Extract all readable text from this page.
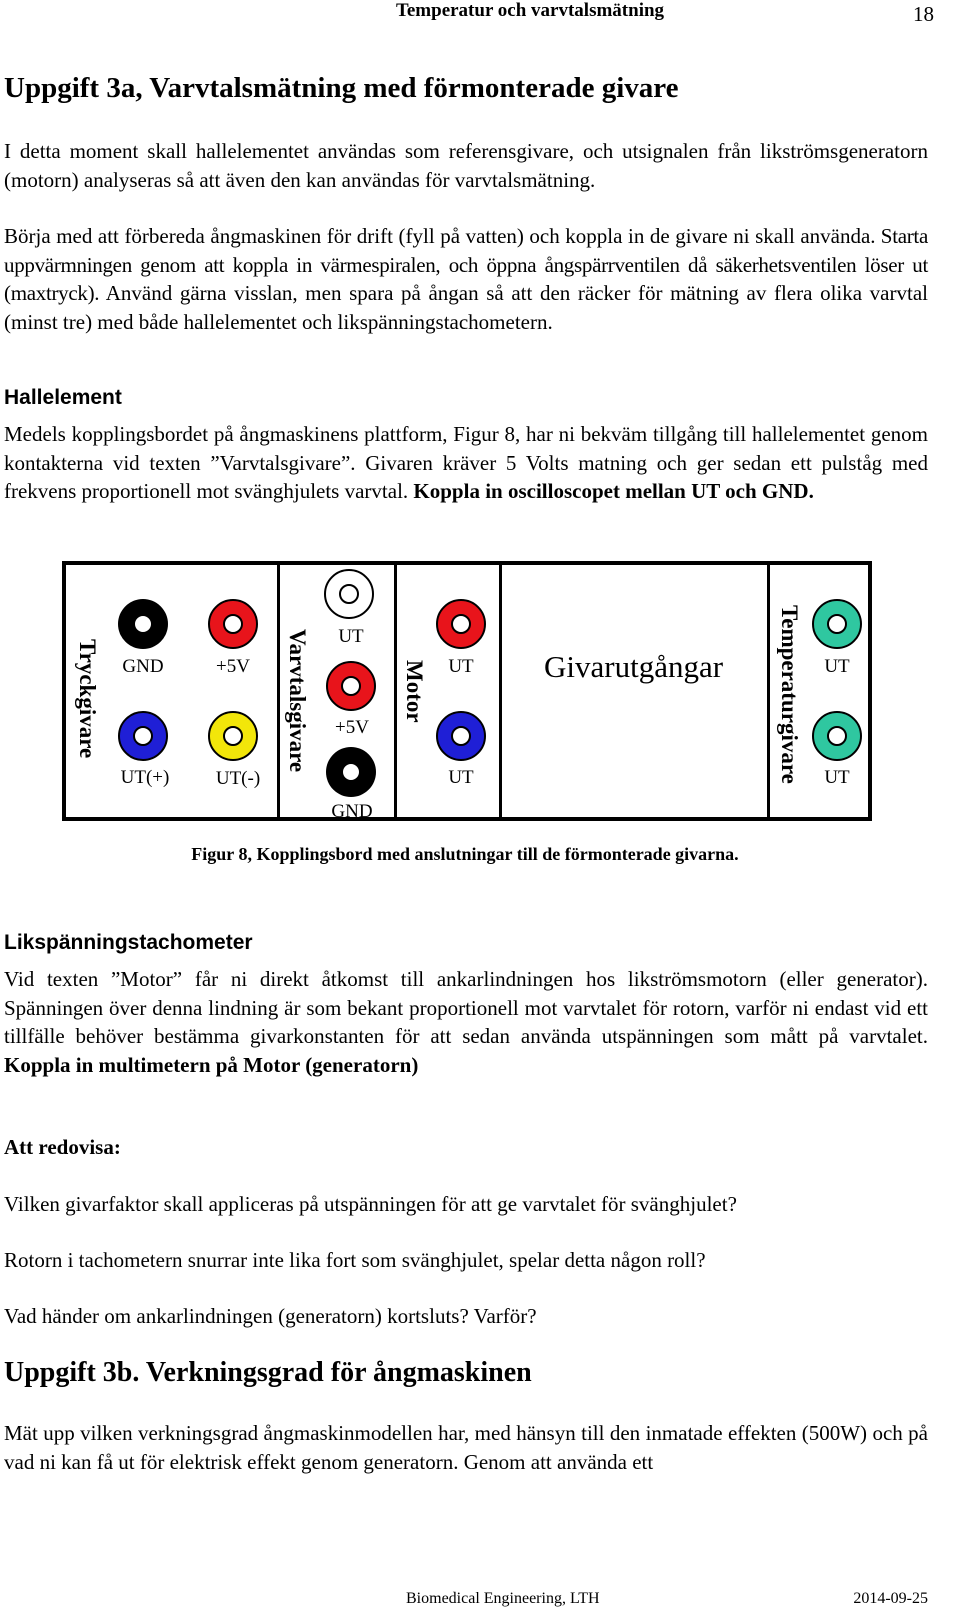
Temperatur och varvtalsmätning	18
Uppgift 3a, Varvtalsmätning med förmonterade givare

I detta moment skall hallelementet användas som referensgivare, och utsignalen från likströmsgeneratorn (motorn) analyseras så att även den kan användas för varvtalsmätning.

Börja med att förbereda ångmaskinen för drift (fyll på vatten) och koppla in de givare ni skall använda. Starta uppvärmningen genom att koppla in värmespiralen, och öppna ångspärrventilen då säkerhetsventilen löser ut (maxtryck). Använd gärna visslan, men spara på ångan så att den räcker för mätning av flera olika varvtal (minst tre) med både hallelementet och likspänningstachometern.

Hallelement

Medels kopplingsbordet på ångmaskinens plattform, Figur 8, har ni bekväm tillgång till hallelementet genom kontakterna vid texten ”Varvtalsgivare”. Givaren kräver 5 Volts matning och ger sedan ett pulståg med frekvens proportionell mot svänghjulets varvtal. Koppla in oscilloscopet mellan UT och GND.

Tryckgivare	GND	+5V
UT(+)	UT(-)
Varvtalsgivare	UT
+5V
GND
Motor	UT
UT
Givarutgångar Temperaturgivare	UT
UT
Figur 8, Kopplingsbord med anslutningar till de förmonterade givarna.
Likspänningstachometer

Vid texten ”Motor” får ni direkt åtkomst till ankarlindningen hos likströmsmotorn (eller generator). Spänningen över denna lindning är som bekant proportionell mot varvtalet för rotorn, varför ni endast vid ett tillfälle behöver bestämma givarkonstanten för att sedan använda utspänningen som mått på varvtalet. Koppla in multimetern på Motor (generatorn)

Att redovisa:

Vilken givarfaktor skall appliceras på utspänningen för att ge varvtalet för svänghjulet?

Rotorn i tachometern snurrar inte lika fort som svänghjulet, spelar detta någon roll?

Vad händer om ankarlindningen (generatorn) kortsluts? Varför?

Uppgift 3b. Verkningsgrad för ångmaskinen

Mät upp vilken verkningsgrad ångmaskinmodellen har, med hänsyn till den inmatade effekten (500W) och på vad ni kan få ut för elektrisk effekt genom generatorn. Genom att använda ett

Biomedical Engineering, LTH	2014-09-25
